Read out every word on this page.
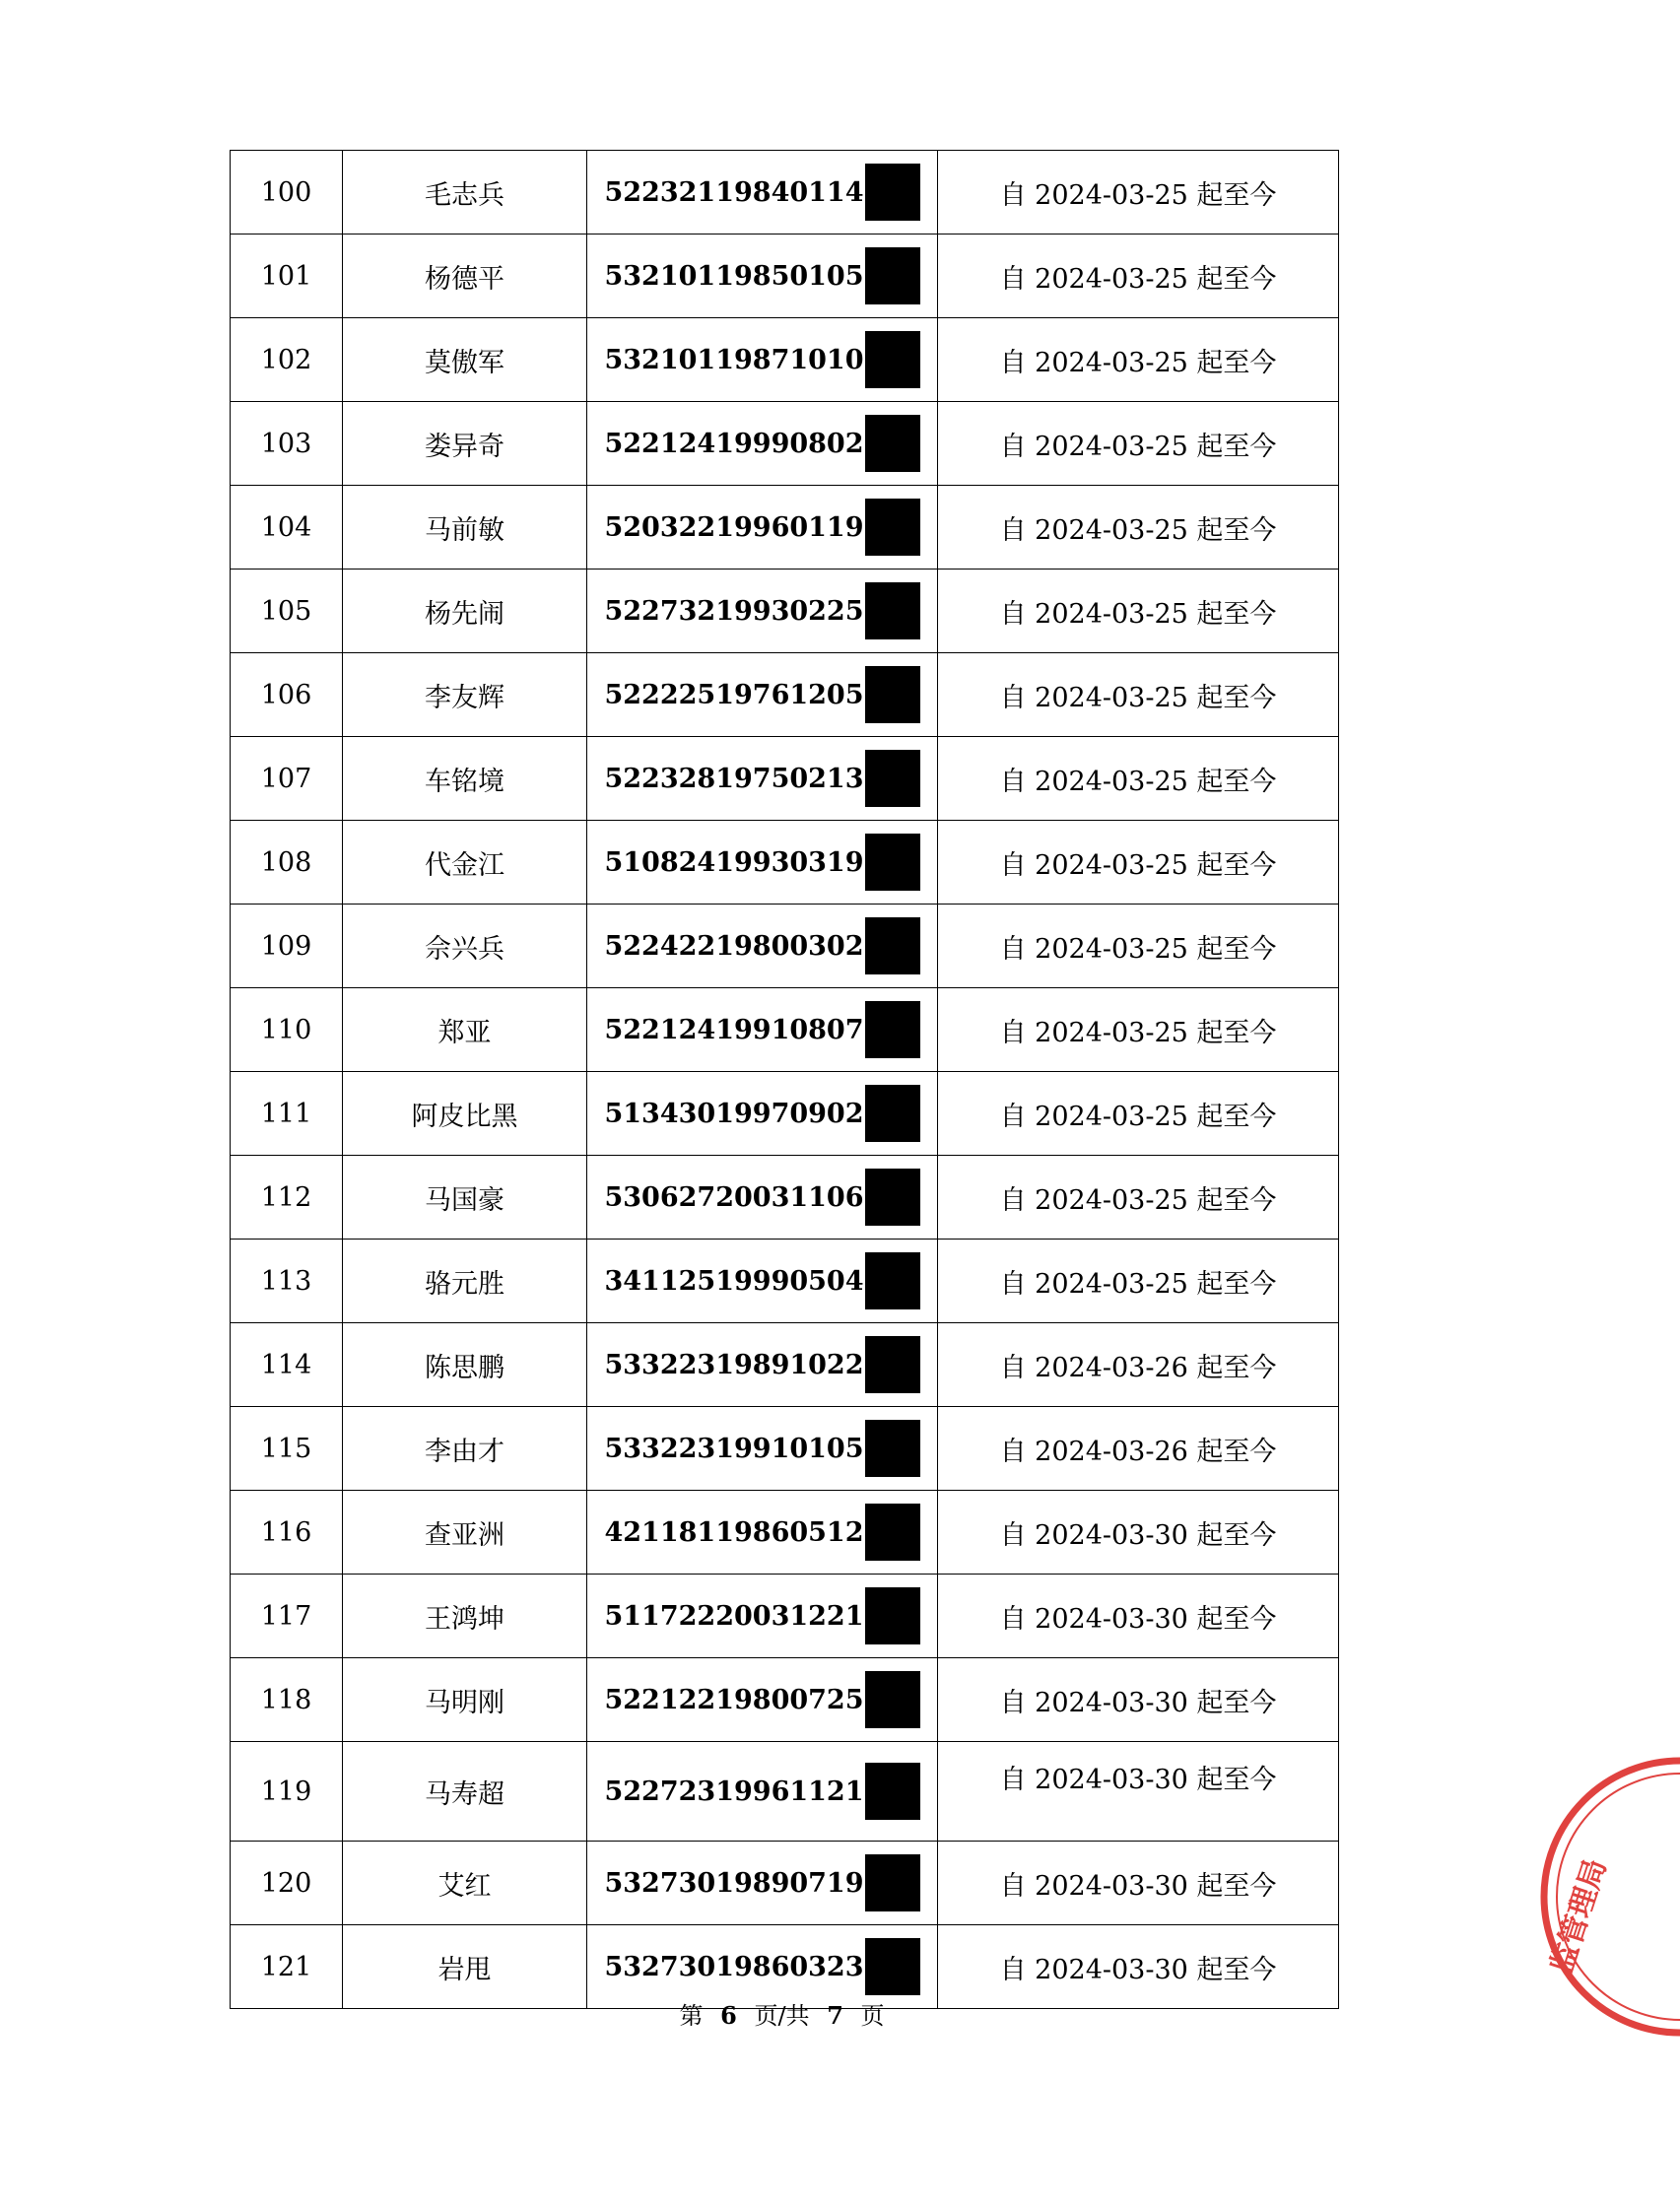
100	毛志兵	52232119840114	自 2024-03-25 起至今
101	杨德平	53210119850105	自 2024-03-25 起至今
102	莫傲军	53210119871010	自 2024-03-25 起至今
103	娄异奇	52212419990802	自 2024-03-25 起至今
104	马前敏	52032219960119	自 2024-03-25 起至今
105	杨先闹	52273219930225	自 2024-03-25 起至今
106	李友辉	52222519761205	自 2024-03-25 起至今
107	车铭境	52232819750213	自 2024-03-25 起至今
108	代金江	51082419930319	自 2024-03-25 起至今
109	佘兴兵	52242219800302	自 2024-03-25 起至今
110	郑亚	52212419910807	自 2024-03-25 起至今
111	阿皮比黑	51343019970902	自 2024-03-25 起至今
112	马国豪	53062720031106	自 2024-03-25 起至今
113	骆元胜	34112519990504	自 2024-03-25 起至今
114	陈思鹏	53322319891022	自 2024-03-26 起至今
115	李由才	53322319910105	自 2024-03-26 起至今
116	查亚洲	42118119860512	自 2024-03-30 起至今
117	王鸿坤	51172220031221	自 2024-03-30 起至今
118	马明刚	52212219800725	自 2024-03-30 起至今
119	马寿超	52272319961121	自 2024-03-30 起至今
120	艾红	53273019890719	自 2024-03-30 起至今
121	岩甩	53273019860323	自 2024-03-30 起至今
第 6 页/共 7 页
监管理局
